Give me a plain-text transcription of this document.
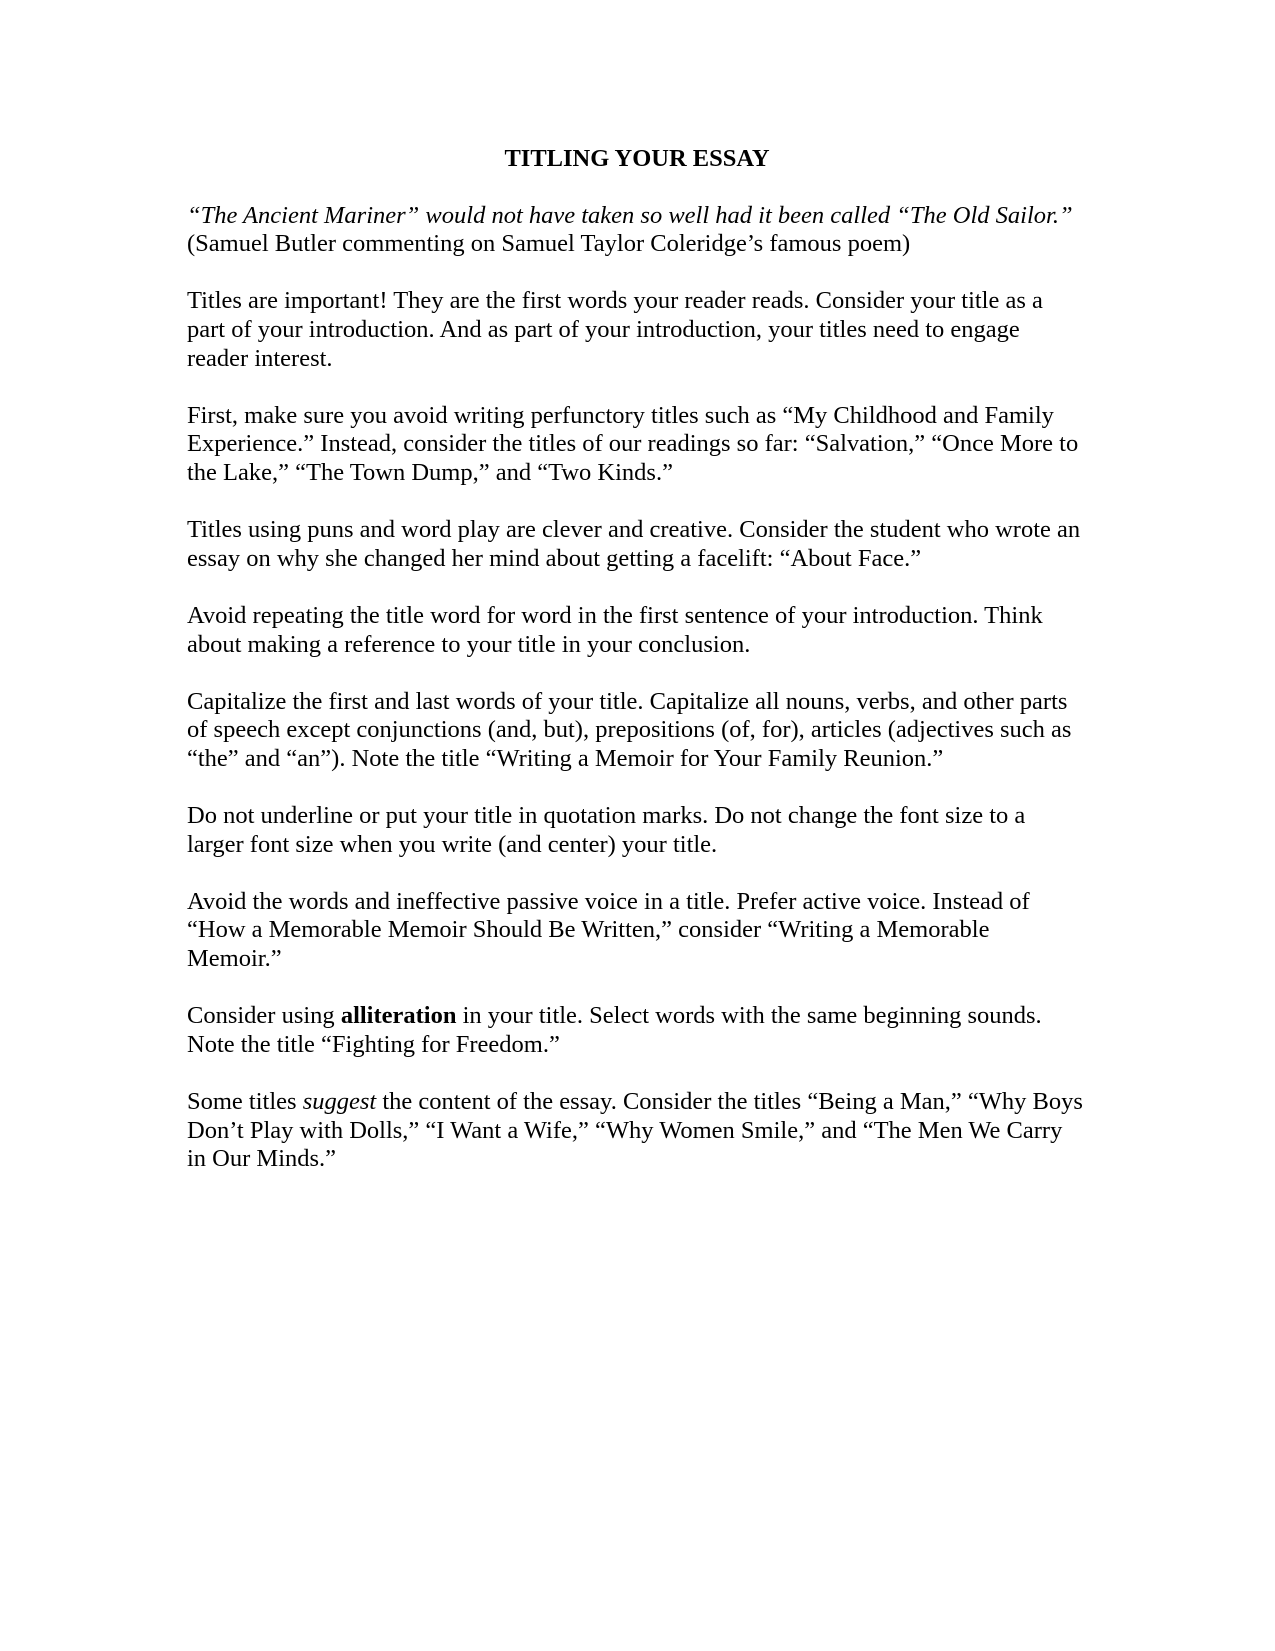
TITLING YOUR ESSAY

“The Ancient Mariner” would not have taken so well had it been called “The Old Sailor.” (Samuel Butler commenting on Samuel Taylor Coleridge’s famous poem)

Titles are important! They are the first words your reader reads. Consider your title as a part of your introduction. And as part of your introduction, your titles need to engage reader interest.

First, make sure you avoid writing perfunctory titles such as “My Childhood and Family Experience.” Instead, consider the titles of our readings so far: “Salvation,” “Once More to the Lake,” “The Town Dump,” and “Two Kinds.”

Titles using puns and word play are clever and creative. Consider the student who wrote an essay on why she changed her mind about getting a facelift: “About Face.”

Avoid repeating the title word for word in the first sentence of your introduction. Think about making a reference to your title in your conclusion.

Capitalize the first and last words of your title. Capitalize all nouns, verbs, and other parts of speech except conjunctions (and, but), prepositions (of, for), articles (adjectives such as “the” and “an”). Note the title “Writing a Memoir for Your Family Reunion.”

Do not underline or put your title in quotation marks. Do not change the font size to a larger font size when you write (and center) your title.

Avoid the words and ineffective passive voice in a title. Prefer active voice. Instead of “How a Memorable Memoir Should Be Written,” consider “Writing a Memorable Memoir.”

Consider using alliteration in your title. Select words with the same beginning sounds. Note the title “Fighting for Freedom.”

Some titles suggest the content of the essay. Consider the titles “Being a Man,” “Why Boys Don’t Play with Dolls,” “I Want a Wife,” “Why Women Smile,” and “The Men We Carry in Our Minds.”
